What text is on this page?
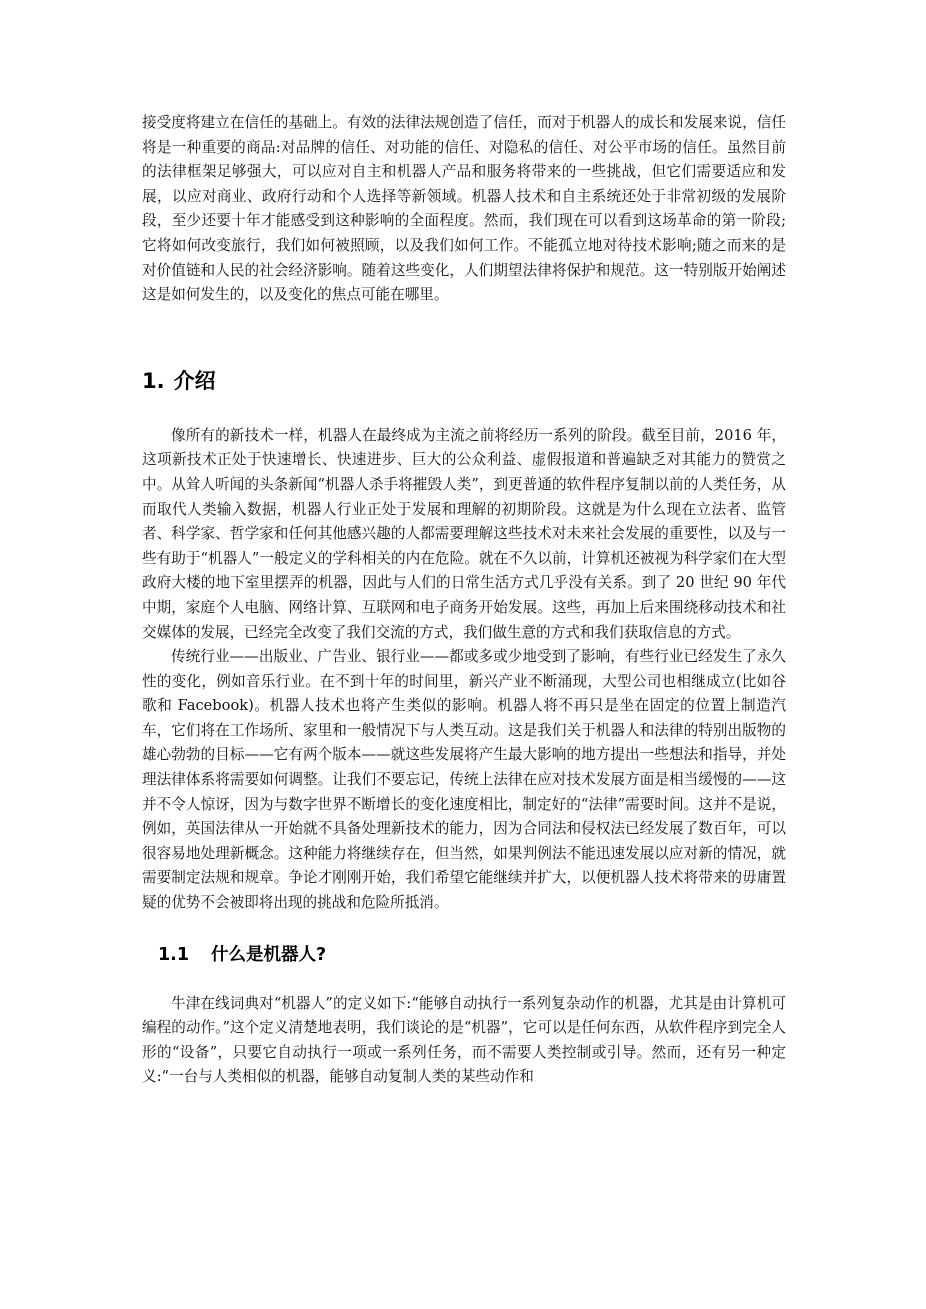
接受度将建立在信任的基础上。有效的法律法规创造了信任，而对于机器人的成长和发展来说，信任将是一种重要的商品:对品牌的信任、对功能的信任、对隐私的信任、对公平市场的信任。虽然目前的法律框架足够强大，可以应对自主和机器人产品和服务将带来的一些挑战，但它们需要适应和发展，以应对商业、政府行动和个人选择等新领域。机器人技术和自主系统还处于非常初级的发展阶段，至少还要十年才能感受到这种影响的全面程度。然而，我们现在可以看到这场革命的第一阶段;它将如何改变旅行，我们如何被照顾，以及我们如何工作。不能孤立地对待技术影响;随之而来的是对价值链和人民的社会经济影响。随着这些变化，人们期望法律将保护和规范。这一特别版开始阐述这是如何发生的，以及变化的焦点可能在哪里。

1. 介绍

像所有的新技术一样，机器人在最终成为主流之前将经历一系列的阶段。截至目前，2016 年，这项新技术正处于快速增长、快速进步、巨大的公众利益、虚假报道和普遍缺乏对其能力的赞赏之中。从耸人听闻的头条新闻“机器人杀手将摧毁人类”，到更普通的软件程序复制以前的人类任务，从而取代人类输入数据，机器人行业正处于发展和理解的初期阶段。这就是为什么现在立法者、监管者、科学家、哲学家和任何其他感兴趣的人都需要理解这些技术对未来社会发展的重要性，以及与一些有助于“机器人”一般定义的学科相关的内在危险。就在不久以前，计算机还被视为科学家们在大型政府大楼的地下室里摆弄的机器，因此与人们的日常生活方式几乎没有关系。到了 20 世纪 90 年代中期，家庭个人电脑、网络计算、互联网和电子商务开始发展。这些，再加上后来围绕移动技术和社交媒体的发展，已经完全改变了我们交流的方式，我们做生意的方式和我们获取信息的方式。

传统行业——出版业、广告业、银行业——都或多或少地受到了影响，有些行业已经发生了永久性的变化，例如音乐行业。在不到十年的时间里，新兴产业不断涌现，大型公司也相继成立(比如谷歌和 Facebook)。机器人技术也将产生类似的影响。机器人将不再只是坐在固定的位置上制造汽车，它们将在工作场所、家里和一般情况下与人类互动。这是我们关于机器人和法律的特别出版物的雄心勃勃的目标——它有两个版本——就这些发展将产生最大影响的地方提出一些想法和指导，并处理法律体系将需要如何调整。让我们不要忘记，传统上法律在应对技术发展方面是相当缓慢的——这并不令人惊讶，因为与数字世界不断增长的变化速度相比，制定好的“法律”需要时间。这并不是说，例如，英国法律从一开始就不具备处理新技术的能力，因为合同法和侵权法已经发展了数百年，可以很容易地处理新概念。这种能力将继续存在，但当然，如果判例法不能迅速发展以应对新的情况，就需要制定法规和规章。争论才刚刚开始，我们希望它能继续并扩大，以便机器人技术将带来的毋庸置疑的优势不会被即将出现的挑战和危险所抵消。

1.1 什么是机器人?

牛津在线词典对“机器人”的定义如下:“能够自动执行一系列复杂动作的机器，尤其是由计算机可编程的动作。”这个定义清楚地表明，我们谈论的是“机器”，它可以是任何东西，从软件程序到完全人形的“设备”，只要它自动执行一项或一系列任务，而不需要人类控制或引导。然而，还有另一种定义:“一台与人类相似的机器，能够自动复制人类的某些动作和
